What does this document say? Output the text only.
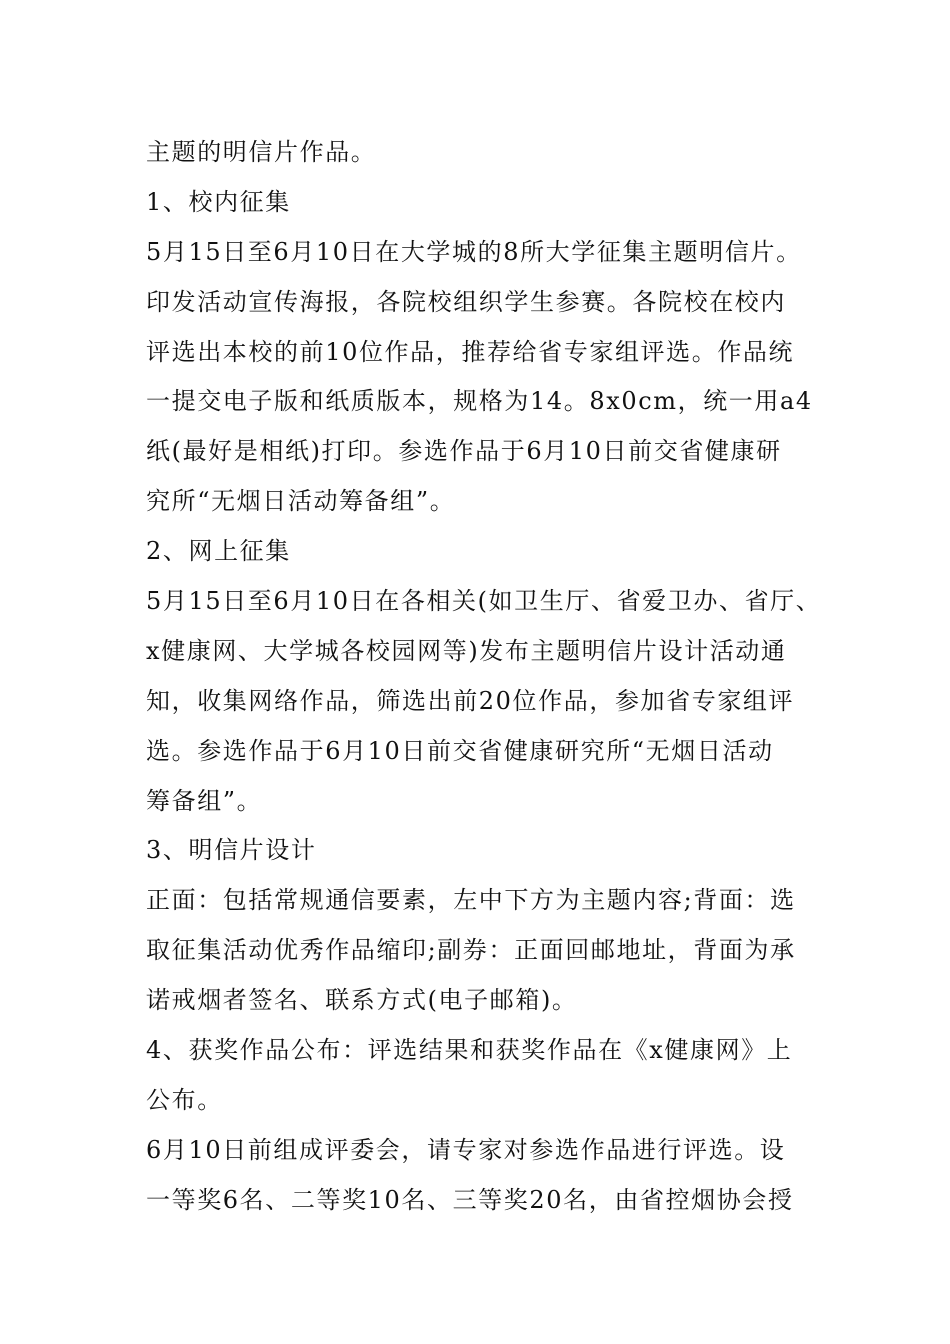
主题的明信片作品。
1、校内征集
5月15日至6月10日在大学城的8所大学征集主题明信片。
印发活动宣传海报，各院校组织学生参赛。各院校在校内
评选出本校的前10位作品，推荐给省专家组评选。作品统
一提交电子版和纸质版本，规格为14。8x0cm，统一用a4
纸(最好是相纸)打印。参选作品于6月10日前交省健康研
究所“无烟日活动筹备组”。
2、网上征集
5月15日至6月10日在各相关(如卫生厅、省爱卫办、省厅、
x健康网、大学城各校园网等)发布主题明信片设计活动通
知，收集网络作品，筛选出前20位作品，参加省专家组评
选。参选作品于6月10日前交省健康研究所“无烟日活动
筹备组”。
3、明信片设计
正面：包括常规通信要素，左中下方为主题内容;背面：选
取征集活动优秀作品缩印;副券：正面回邮地址，背面为承
诺戒烟者签名、联系方式(电子邮箱)。
4、获奖作品公布：评选结果和获奖作品在《x健康网》上
公布。
6月10日前组成评委会，请专家对参选作品进行评选。设
一等奖6名、二等奖10名、三等奖20名，由省控烟协会授
